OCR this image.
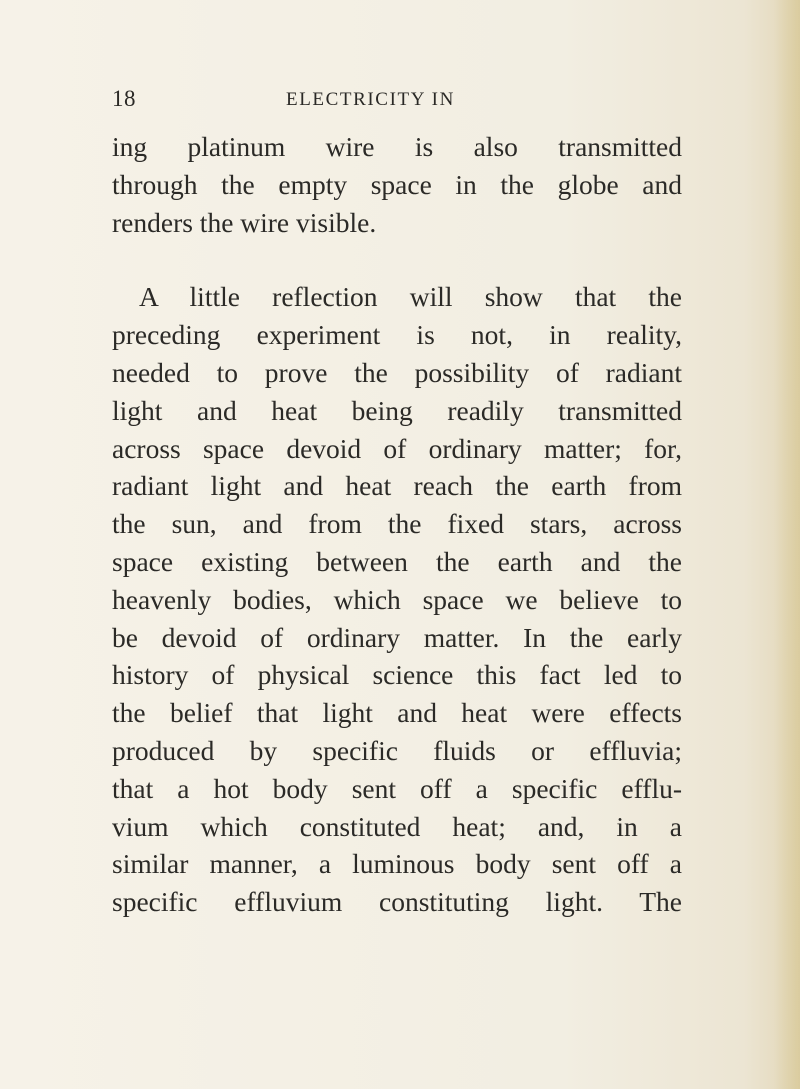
18	ELECTRICITY IN
ing platinum wire is also transmitted
through the empty space in the globe and
renders the wire visible.
A little reflection will show that the
preceding experiment is not, in reality,
needed to prove the possibility of radiant
light and heat being readily transmitted
across space devoid of ordinary matter; for,
radiant light and heat reach the earth from
the sun, and from the fixed stars, across
space existing between the earth and the
heavenly bodies, which space we believe to
be devoid of ordinary matter. In the early
history of physical science this fact led to
the belief that light and heat were effects
produced by specific fluids or effluvia;
that a hot body sent off a specific efflu-
vium which constituted heat; and, in a
similar manner, a luminous body sent off a
specific effluvium constituting light. The
